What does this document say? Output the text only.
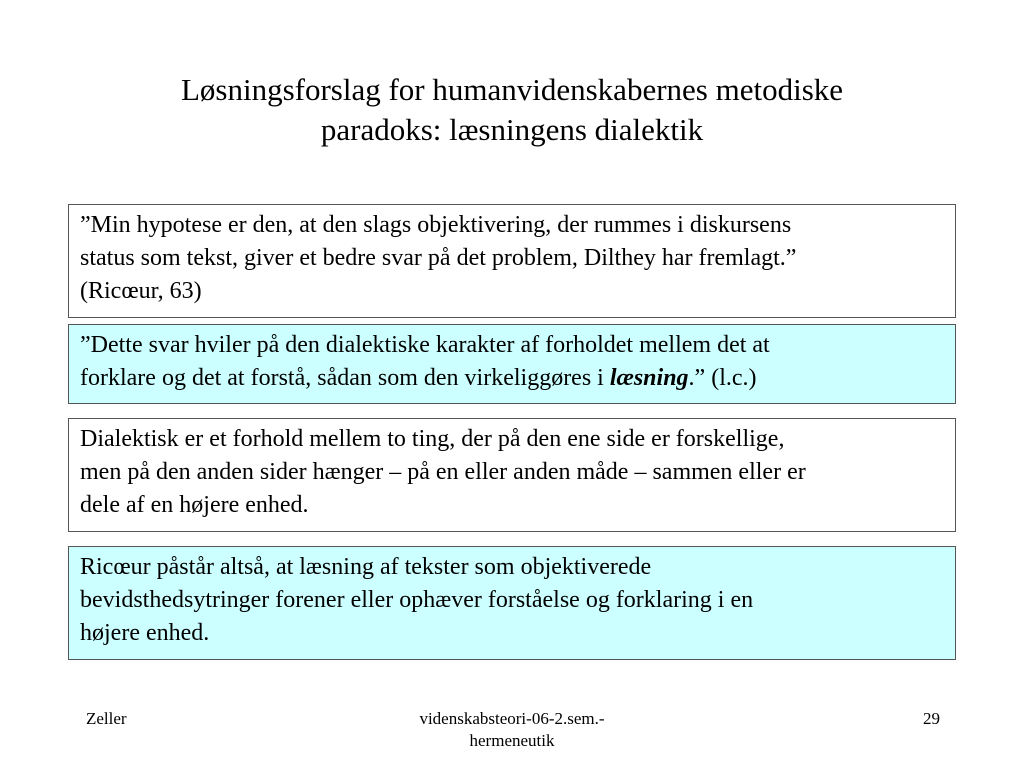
Løsningsforslag for humanvidenskabernes metodiske
paradoks: læsningens dialektik
”Min hypotese er den, at den slags objektivering, der rummes i diskursens
status som tekst, giver et bedre svar på det problem, Dilthey har fremlagt.”
(Ricœur, 63)
”Dette svar hviler på den dialektiske karakter af forholdet mellem det at
forklare og det at forstå, sådan som den virkeliggøres i læsning.” (l.c.)
Dialektisk er et forhold mellem to ting, der på den ene side er forskellige,
men på den anden sider hænger – på en eller anden måde – sammen eller er
dele af en højere enhed.
Ricœur påstår altså, at læsning af tekster som objektiverede
bevidsthedsytringer forener eller ophæver forståelse og forklaring i en
højere enhed.
Zeller	videnskabsteori-06-2.sem.-
hermeneutik
29
